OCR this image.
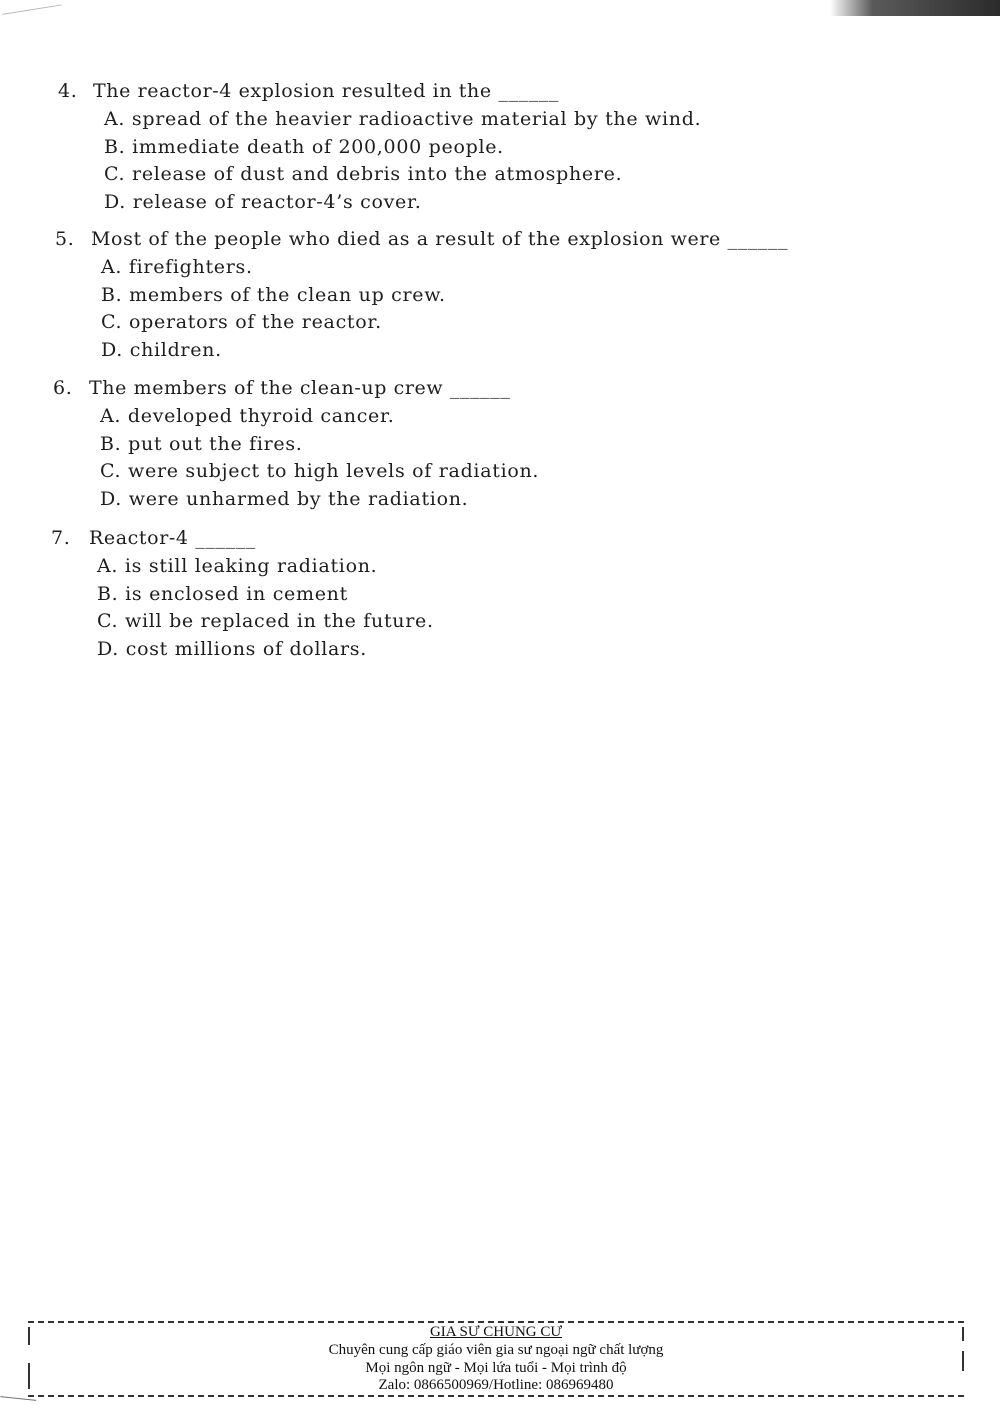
4. The reactor-4 explosion resulted in the ______
A. spread of the heavier radioactive material by the wind.
B. immediate death of 200,000 people.
C. release of dust and debris into the atmosphere.
D. release of reactor-4’s cover.
5. Most of the people who died as a result of the explosion were ______
A. firefighters.
B. members of the clean up crew.
C. operators of the reactor.
D. children.
6. The members of the clean-up crew ______
A. developed thyroid cancer.
B. put out the fires.
C. were subject to high levels of radiation.
D. were unharmed by the radiation.
7. Reactor-4 ______
A. is still leaking radiation.
B. is enclosed in cement
C. will be replaced in the future.
D. cost millions of dollars.
GIA SƯ CHUNG CƯ
Chuyên cung cấp giáo viên gia sư ngoại ngữ chất lượng
Mọi ngôn ngữ - Mọi lứa tuổi - Mọi trình độ
Zalo: 0866500969/Hotline: 086969480
